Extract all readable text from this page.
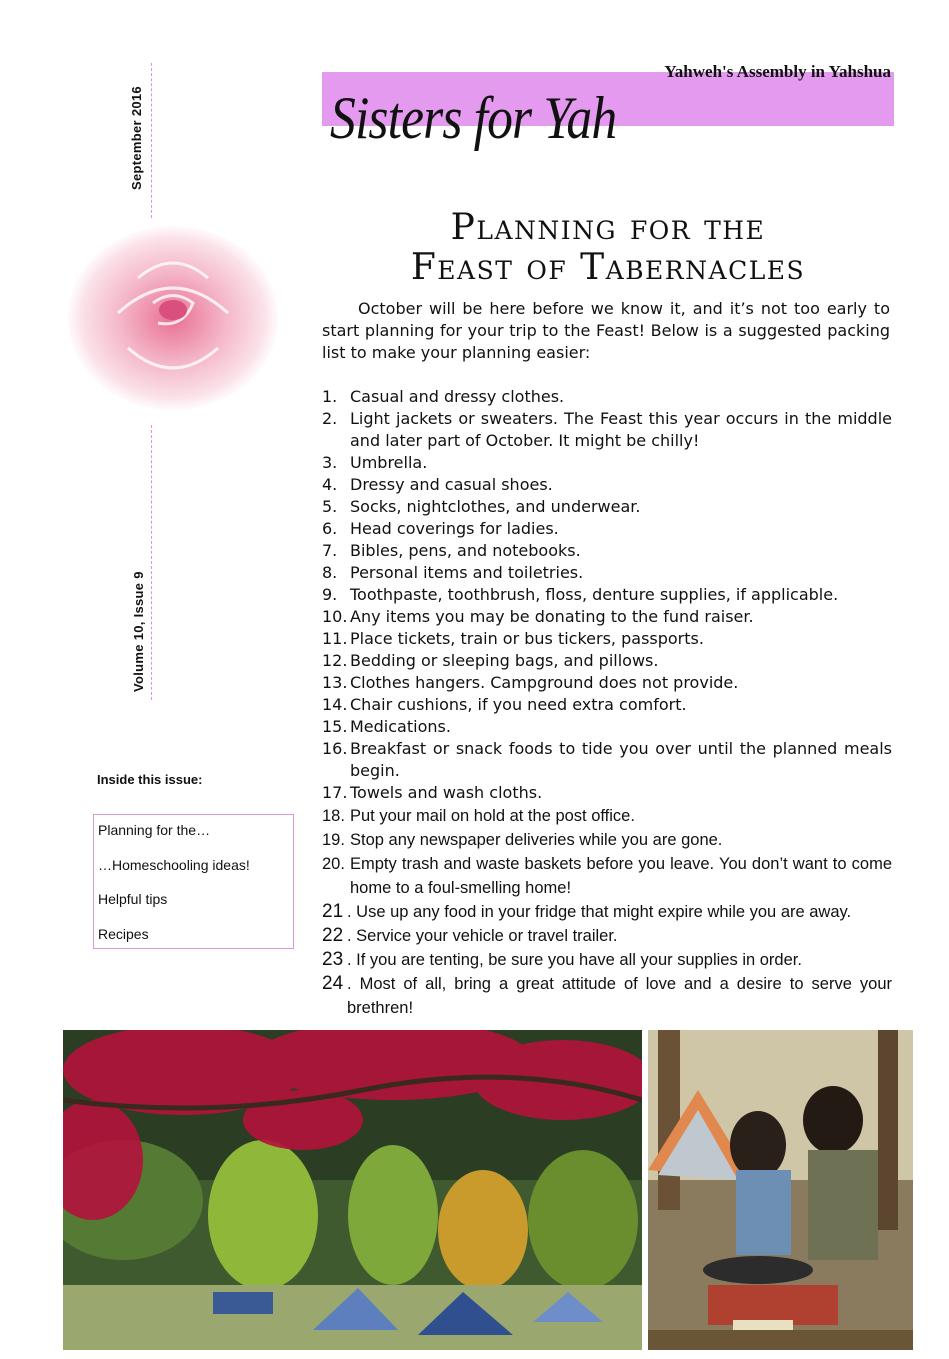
September 2016
Volume 10, Issue 9
Yahweh's Assembly in Yahshua
Sisters for Yah
Planning for the
Feast of Tabernacles
October will be here before we know it, and it’s not too early to start planning for your trip to the Feast! Below is a suggested packing list to make your planning easier:
1. Casual and dressy clothes.
2. Light jackets or sweaters. The Feast this year occurs in the middle and later part of October. It might be chilly!
3. Umbrella.
4. Dressy and casual shoes.
5. Socks, nightclothes, and underwear.
6. Head coverings for ladies.
7. Bibles, pens, and notebooks.
8. Personal items and toiletries.
9. Toothpaste, toothbrush, floss, denture supplies, if applicable.
10. Any items you may be donating to the fund raiser.
11. Place tickets, train or bus tickers, passports.
12. Bedding or sleeping bags, and pillows.
13. Clothes hangers. Campground does not provide.
14. Chair cushions, if you need extra comfort.
15. Medications.
16. Breakfast or snack foods to tide you over until the planned meals begin.
17. Towels and wash cloths.
18. Put your mail on hold at the post office.
19. Stop any newspaper deliveries while you are gone.
20. Empty trash and waste baskets before you leave. You don’t want to come home to a foul-smelling home!
21 . Use up any food in your fridge that might expire while you are away.
22 . Service your vehicle or travel trailer.
23 . If you are tenting, be sure you have all your supplies in order.
24 . Most of all, bring a great attitude of love and a desire to serve your brethren!
Inside this issue:
Planning for the…
…Homeschooling ideas!
Helpful tips
Recipes
